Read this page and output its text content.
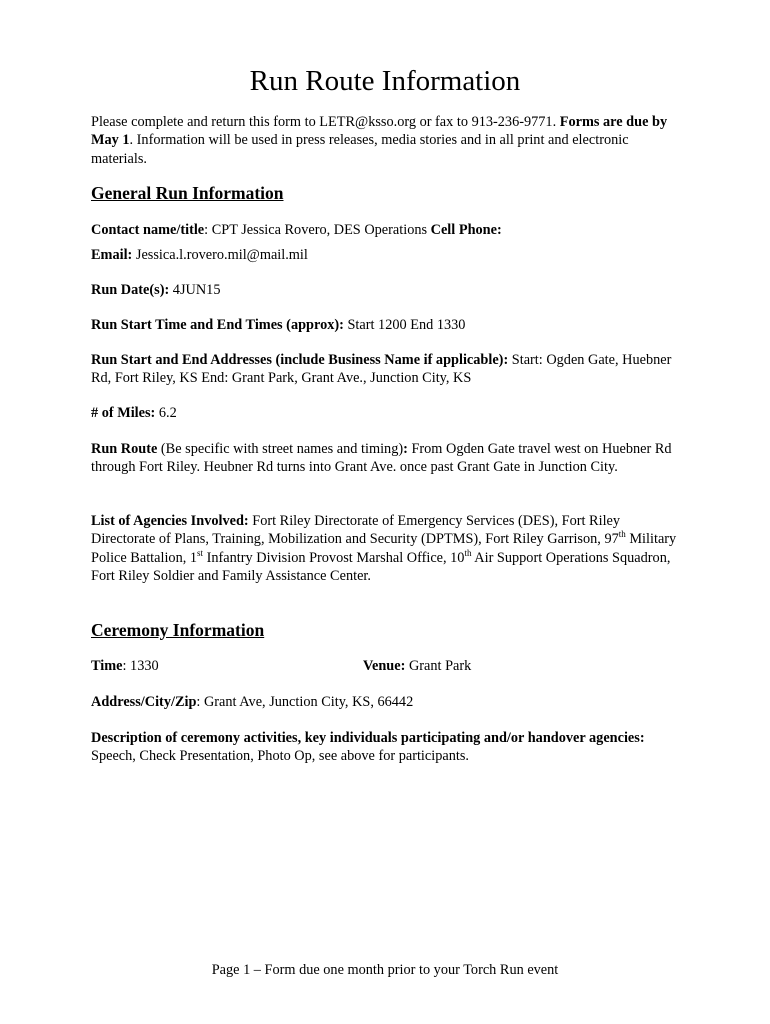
Run Route Information
Please complete and return this form to LETR@ksso.org or fax to 913-236-9771. Forms are due by May 1. Information will be used in press releases, media stories and in all print and electronic materials.
General Run Information
Contact name/title: CPT Jessica Rovero, DES Operations Cell Phone:
Email: Jessica.l.rovero.mil@mail.mil
Run Date(s): 4JUN15
Run Start Time and End Times (approx): Start 1200 End 1330
Run Start and End Addresses (include Business Name if applicable): Start: Ogden Gate, Huebner Rd, Fort Riley, KS End: Grant Park, Grant Ave., Junction City, KS
# of Miles: 6.2
Run Route (Be specific with street names and timing): From Ogden Gate travel west on Huebner Rd through Fort Riley. Heubner Rd turns into Grant Ave. once past Grant Gate in Junction City.
List of Agencies Involved: Fort Riley Directorate of Emergency Services (DES), Fort Riley Directorate of Plans, Training, Mobilization and Security (DPTMS), Fort Riley Garrison, 97th Military Police Battalion, 1st Infantry Division Provost Marshal Office, 10th Air Support Operations Squadron, Fort Riley Soldier and Family Assistance Center.
Ceremony Information
Time: 1330	Venue: Grant Park
Address/City/Zip: Grant Ave, Junction City, KS, 66442
Description of ceremony activities, key individuals participating and/or handover agencies:
Speech, Check Presentation, Photo Op, see above for participants.
Page 1 – Form due one month prior to your Torch Run event
